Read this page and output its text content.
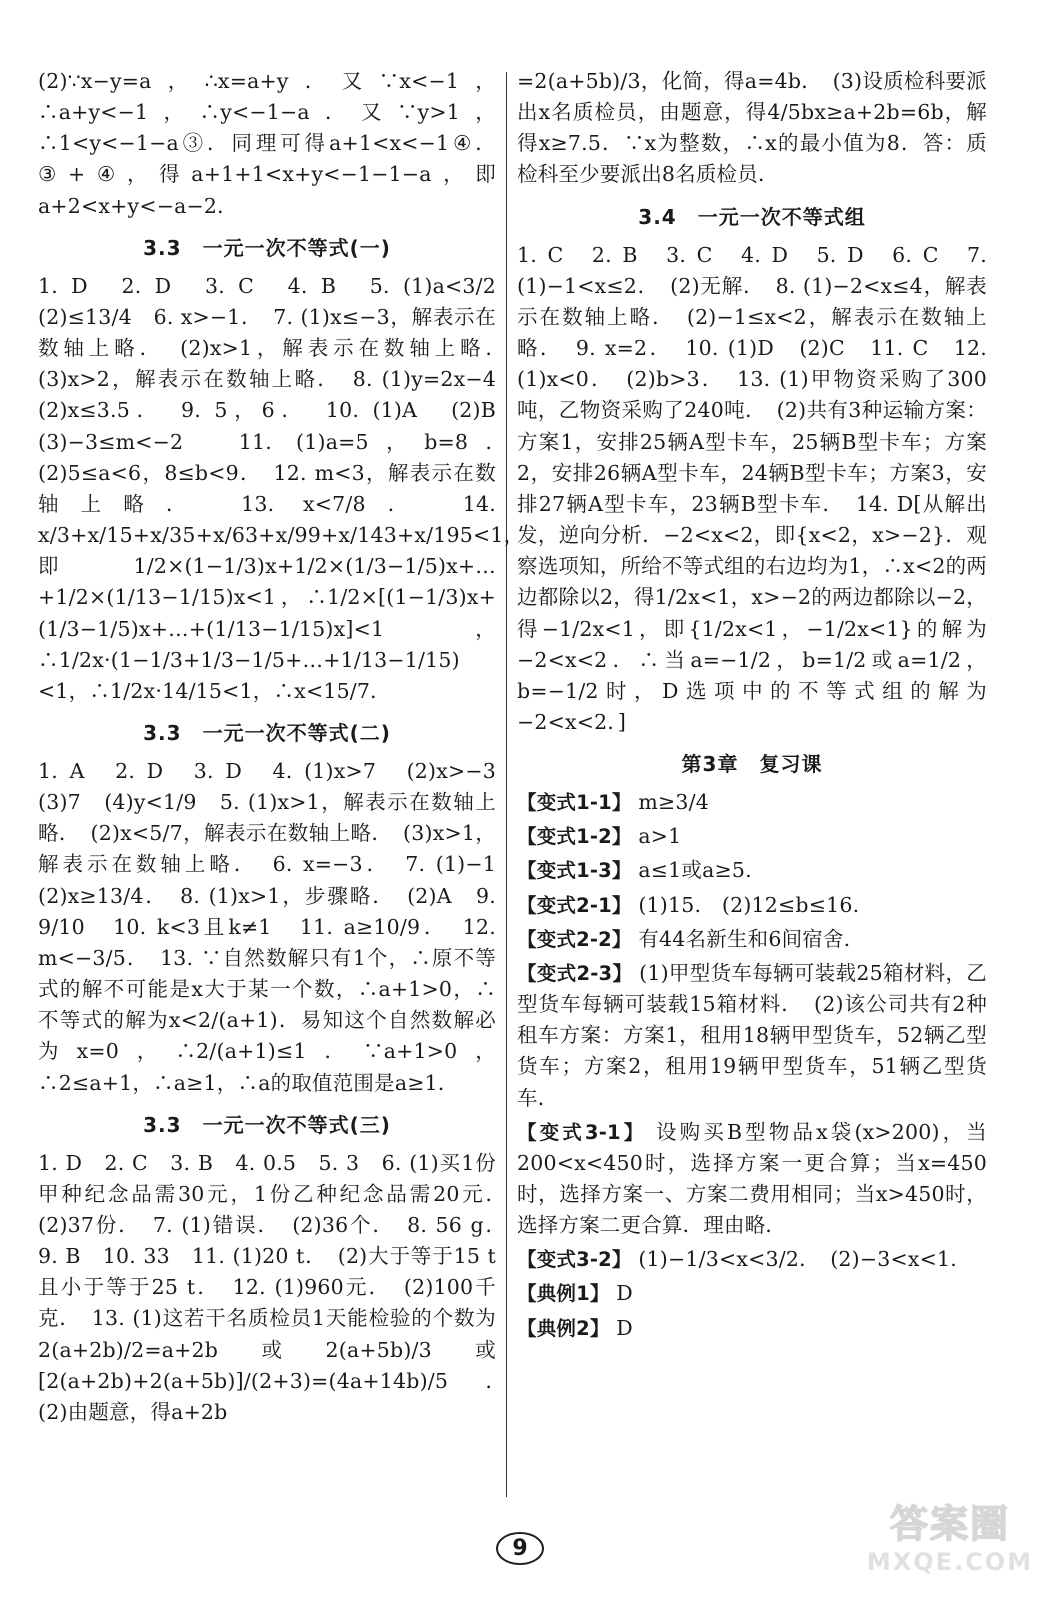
(2)∵x−y=a，∴x=a+y．又∵x<−1，∴a+y<−1，∴y<−1−a．又∵y>1，∴1<y<−1−a③．同理可得a+1<x<−1④．③+④，得a+1+1<x+y<−1−1−a，即a+2<x+y<−a−2．

3.3　一元一次不等式(一)

1. D　2. D　3. C　4. B　5. (1)a<3/2　(2)≤13/4　6. x>−1．　7. (1)x≤−3，解表示在数轴上略．　(2)x>1，解表示在数轴上略．　(3)x>2，解表示在数轴上略．　8. (1)y=2x−4　(2)x≤3.5．　9. 5，6．　10. (1)A　(2)B　(3)−3≤m<−2　11. (1)a=5，b=8．　(2)5≤a<6，8≤b<9．　12. m<3，解表示在数轴上略．　13. x<7/8．　14. x/3+x/15+x/35+x/63+x/99+x/143+x/195<1，即 1/2×(1−1/3)x+1/2×(1/3−1/5)x+…+1/2×(1/13−1/15)x<1，∴1/2×[(1−1/3)x+(1/3−1/5)x+…+(1/13−1/15)x]<1，∴1/2x·(1−1/3+1/3−1/5+…+1/13−1/15)<1，∴1/2x·14/15<1，∴x<15/7．

3.3　一元一次不等式(二)

1. A　2. D　3. D　4. (1)x>7　(2)x>−3　(3)7　(4)y<1/9　5. (1)x>1，解表示在数轴上略．　(2)x<5/7，解表示在数轴上略．　(3)x>1，解表示在数轴上略．　6. x=−3．　7. (1)−1　(2)x≥13/4．　8. (1)x>1，步骤略．　(2)A　9. 9/10　10. k<3且k≠1　11. a≥10/9．　12. m<−3/5．　13. ∵自然数解只有1个，∴原不等式的解不可能是x大于某一个数，∴a+1>0，∴不等式的解为x<2/(a+1)．易知这个自然数解必为x=0，∴2/(a+1)≤1．∵a+1>0，∴2≤a+1，∴a≥1，∴a的取值范围是a≥1．

3.3　一元一次不等式(三)

1. D　2. C　3. B　4. 0.5　5. 3　6. (1)买1份甲种纪念品需30元，1份乙种纪念品需20元．　(2)37份．　7. (1)错误．　(2)36个．　8. 56 g．　9. B　10. 33　11. (1)20 t．　(2)大于等于15 t且小于等于25 t．　12. (1)960元．　(2)100千克．　13. (1)这若干名质检员1天能检验的个数为2(a+2b)/2=a+2b或2(a+5b)/3或[2(a+2b)+2(a+5b)]/(2+3)=(4a+14b)/5．　(2)由题意，得a+2b

=2(a+5b)/3，化简，得a=4b．　(3)设质检科要派出x名质检员，由题意，得4/5bx≥a+2b=6b，解得x≥7.5．∵x为整数，∴x的最小值为8．答：质检科至少要派出8名质检员．

3.4　一元一次不等式组

1. C　2. B　3. C　4. D　5. D　6. C　7. (1)−1<x≤2．　(2)无解．　8. (1)−2<x≤4，解表示在数轴上略．　(2)−1≤x<2，解表示在数轴上略．　9. x=2．　10. (1)D　(2)C　11. C　12. (1)x<0．　(2)b>3．　13. (1)甲物资采购了300吨，乙物资采购了240吨．　(2)共有3种运输方案：方案1，安排25辆A型卡车，25辆B型卡车；方案2，安排26辆A型卡车，24辆B型卡车；方案3，安排27辆A型卡车，23辆B型卡车．　14. D[从解出发，逆向分析．−2<x<2，即{x<2，x>−2}．观察选项知，所给不等式组的右边均为1，∴x<2的两边都除以2，得1/2x<1，x>−2的两边都除以−2，得−1/2x<1，即{1/2x<1，−1/2x<1}的解为−2<x<2．∴当a=−1/2，b=1/2或a=1/2，b=−1/2时，D选项中的不等式组的解为−2<x<2．]

第3章　复习课
【变式1-1】 m≥3/4
【变式1-2】 a>1
【变式1-3】 a≤1或a≥5.
【变式2-1】 (1)15.　(2)12≤b≤16.
【变式2-2】 有44名新生和6间宿舍.
【变式2-3】 (1)甲型货车每辆可装载25箱材料，乙型货车每辆可装载15箱材料．　(2)该公司共有2种租车方案：方案1，租用18辆甲型货车，52辆乙型货车；方案2，租用19辆甲型货车，51辆乙型货车．
【变式3-1】 设购买B型物品x袋(x>200)，当200<x<450时，选择方案一更合算；当x=450时，选择方案一、方案二费用相同；当x>450时，选择方案二更合算．理由略．
【变式3-2】 (1)−1/3<x<3/2．　(2)−3<x<1.
【典例1】 D
【典例2】 D
9
答案圈
MXQE.COM
